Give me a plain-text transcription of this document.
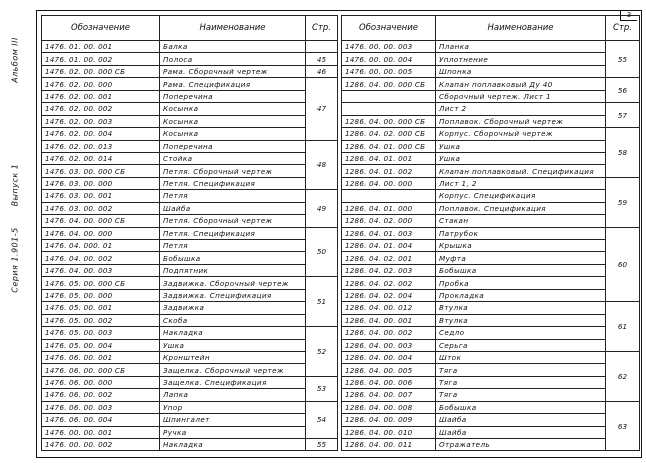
Альбом III
Выпуск 1
Серия 1.901-5
3
Обозначение	Наименование	Стр.
1476. 01. 00. 001	Балка	
1476. 01. 00. 002	Полоса	45
1476. 02. 00. 000 СБ	Рама. Сборочный чертеж	46
1476. 02. 00. 000	Рама. Спецификация	47
1476. 02. 00. 001	Поперечина	
1476. 02. 00. 002	Косынка	
1476. 02. 00. 003	Косынка	
1476. 02. 00. 004	Косынка	
1476. 02. 00. 013	Поперечина	48
1476. 02. 00. 014	Стойка	
1476. 03. 00. 000 СБ	Петля. Сборочный чертеж	
1476. 03. 00. 000	Петля. Спецификация	
1476. 03. 00. 001	Петля	49
1476. 03. 00. 002	Шайба	
1476. 04. 00. 000 СБ	Петля. Сборочный чертеж	
1476. 04. 00. 000	Петля. Спецификация	50
1476. 04. 000. 01	Петля	
1476. 04. 00. 002	Бобышка	
1476. 04. 00. 003	Подпятник	
1476. 05. 00. 000 СБ	Задвижка. Сборочный чертеж	51
1476. 05. 00. 000	Задвижка. Спецификация	
1476. 05. 00. 001	Задвижка	
1476. 05. 00. 002	Скоба	
1476. 05. 00. 003	Накладка	52
1476. 05. 00. 004	Ушка	
1476. 06. 00. 001	Кронштейн	
1476. 06. 00. 000 СБ	Защелка. Сборочный чертеж	
1476. 06. 00. 000	Защелка. Спецификация	53
1476. 06. 00. 002	Лапка	
1476. 06. 00. 003	Упор	54
1476. 06. 00. 004	Шпингалет	
1476. 00. 00. 001	Ручка	
1476. 00. 00. 002	Накладка	55
Обозначение	Наименование	Стр.
1476. 00. 00. 003	Планка	55
1476. 00. 00. 004	Уплотнение	
1476. 00. 00. 005	Шпонка	
1286. 04. 00. 000 СБ	Клапан поплавковый Ду 40	56
	Сборочный чертеж. Лист 1	
	Лист 2	57
1286. 04. 00. 000 СБ	Поплавок. Сборочный чертеж	
1286. 04. 02. 000 СБ	Корпус. Сборочный чертеж	58
1286. 04. 01. 000 СБ	Ушка	
1286. 04. 01. 001	Ушка	
1286. 04. 01. 002	Клапан поплавковый. Спецификация	
1286. 04. 00. 000	Лист 1, 2	59
	Корпус. Спецификация	
1286. 04. 01. 000	Поплавок. Спецификация	
1286. 04. 02. 000	Стакан	
1286. 04. 01. 003	Патрубок	60
1286. 04. 01. 004	Крышка	
1286. 04. 02. 001	Муфта	
1286. 04. 02. 003	Бобышка	
1286. 04. 02. 002	Пробка	
1286. 04. 02. 004	Прокладка	
1286. 04. 00. 012	Втулка	61
1286. 04. 00. 001	Втулка	
1286. 04. 00. 002	Седло	
1286. 04. 00. 003	Серьга	
1286. 04. 00. 004	Шток	62
1286. 04. 00. 005	Тяга	
1286. 04. 00. 006	Тяга	
1286. 04. 00. 007	Тяга	
1286. 04. 00. 008	Бобышка	63
1286. 04. 00. 009	Шайба	
1286. 04. 00. 010	Шайба	
1286. 04. 00. 011	Отражатель	
